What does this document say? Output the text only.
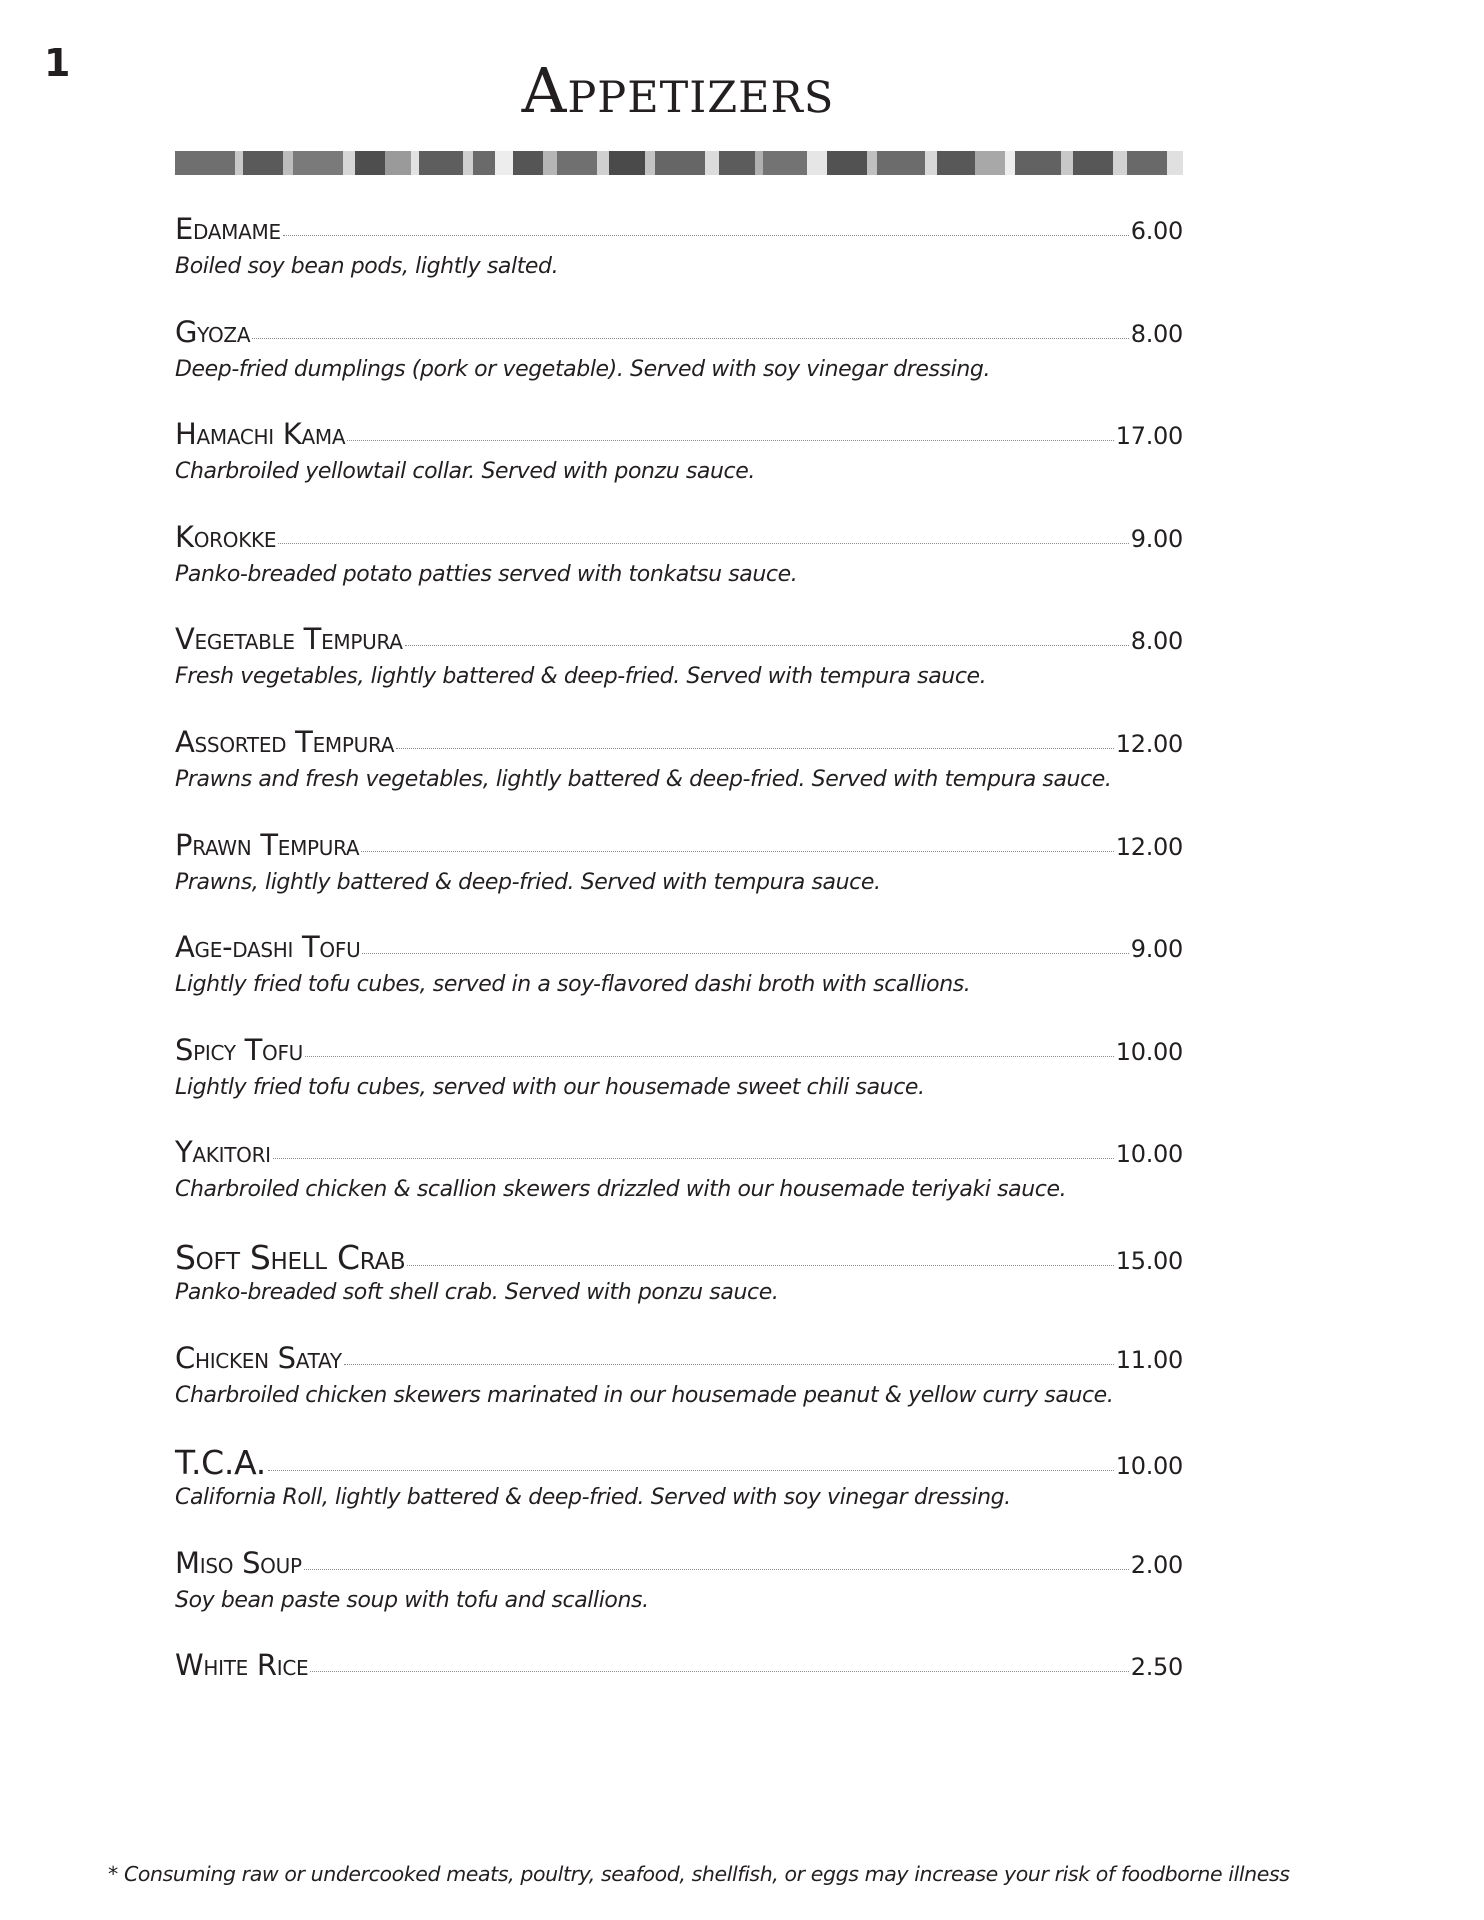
1	Appetizers
Edamame	6.00
Boiled soy bean pods, lightly salted.
Gyoza	8.00
Deep-fried dumplings (pork or vegetable). Served with soy vinegar dressing.
Hamachi Kama	17.00
Charbroiled yellowtail collar. Served with ponzu sauce.
Korokke	9.00
Panko-breaded potato patties served with tonkatsu sauce.
Vegetable Tempura	8.00
Fresh vegetables, lightly battered & deep-fried. Served with tempura sauce.
Assorted Tempura	12.00
Prawns and fresh vegetables, lightly battered & deep-fried. Served with tempura sauce.
Prawn Tempura	12.00
Prawns, lightly battered & deep-fried. Served with tempura sauce.
Age-dashi Tofu	9.00
Lightly fried tofu cubes, served in a soy-flavored dashi broth with scallions.
Spicy Tofu	10.00
Lightly fried tofu cubes, served with our housemade sweet chili sauce.
Yakitori	10.00
Charbroiled chicken & scallion skewers drizzled with our housemade teriyaki sauce.
Soft Shell Crab	15.00
Panko-breaded soft shell crab. Served with ponzu sauce.
Chicken Satay	11.00
Charbroiled chicken skewers marinated in our housemade peanut & yellow curry sauce.
T.C.A.	10.00
California Roll, lightly battered & deep-fried. Served with soy vinegar dressing.
Miso Soup	2.00
Soy bean paste soup with tofu and scallions.
White Rice	2.50
* Consuming raw or undercooked meats, poultry, seafood, shellfish, or eggs may increase your risk of foodborne illness
